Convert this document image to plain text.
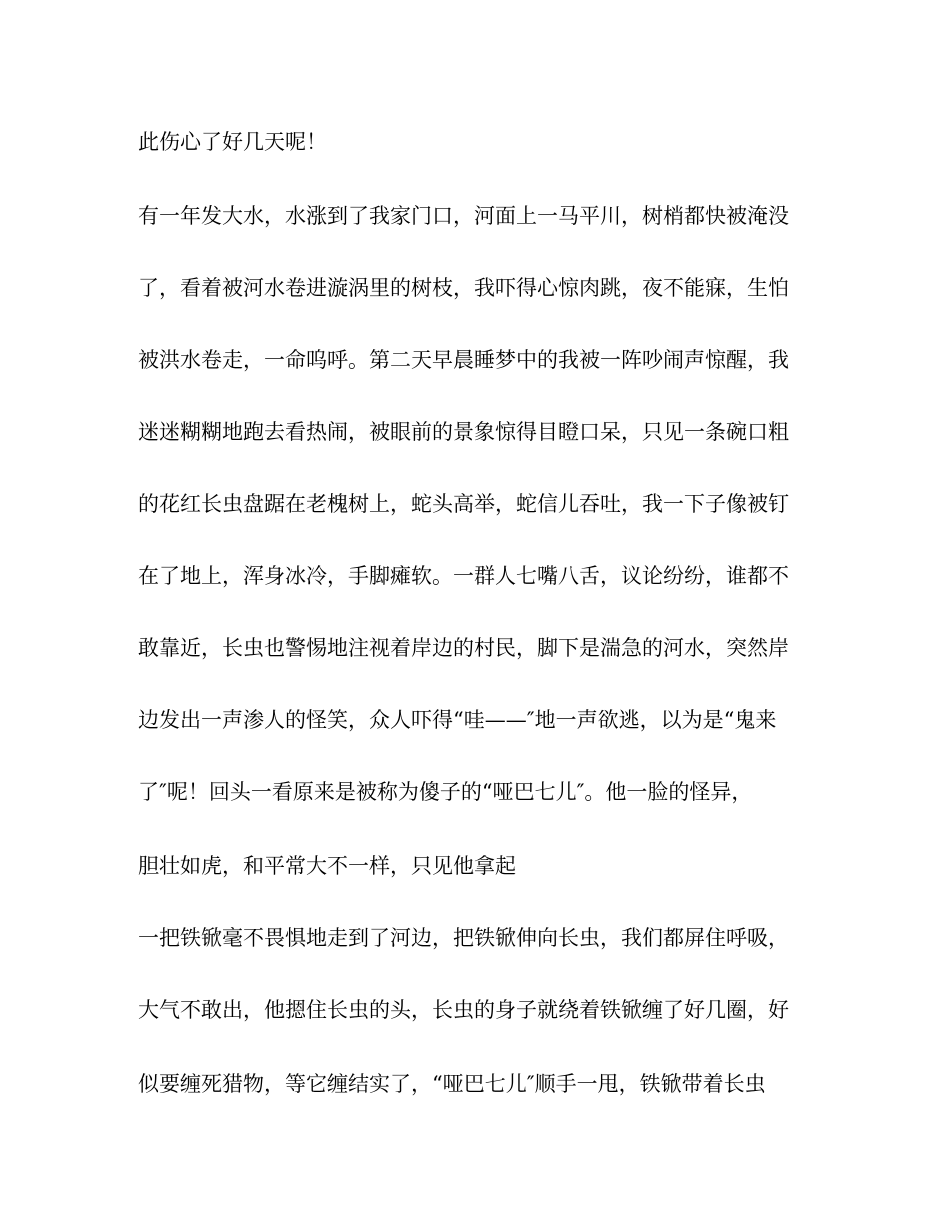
此伤心了好几天呢！

有一年发大水，水涨到了我家门口，河面上一马平川，树梢都快被淹没

了，看着被河水卷进漩涡里的树枝，我吓得心惊肉跳，夜不能寐，生怕

被洪水卷走，一命呜呼。第二天早晨睡梦中的我被一阵吵闹声惊醒，我

迷迷糊糊地跑去看热闹，被眼前的景象惊得目瞪口呆，只见一条碗口粗

的花红长虫盘踞在老槐树上，蛇头高举，蛇信儿吞吐，我一下子像被钉

在了地上，浑身冰冷，手脚瘫软。一群人七嘴八舌，议论纷纷，谁都不

敢靠近，长虫也警惕地注视着岸边的村民，脚下是湍急的河水，突然岸

边发出一声渗人的怪笑，众人吓得“哇——″地一声欲逃，以为是“鬼来

了″呢！回头一看原来是被称为傻子的“哑巴七儿″。他一脸的怪异，

胆壮如虎，和平常大不一样，只见他拿起

一把铁锨毫不畏惧地走到了河边，把铁锨伸向长虫，我们都屏住呼吸，

大气不敢出，他摁住长虫的头，长虫的身子就绕着铁锨缠了好几圈，好

似要缠死猎物，等它缠结实了，“哑巴七儿″顺手一甩，铁锨带着长虫
